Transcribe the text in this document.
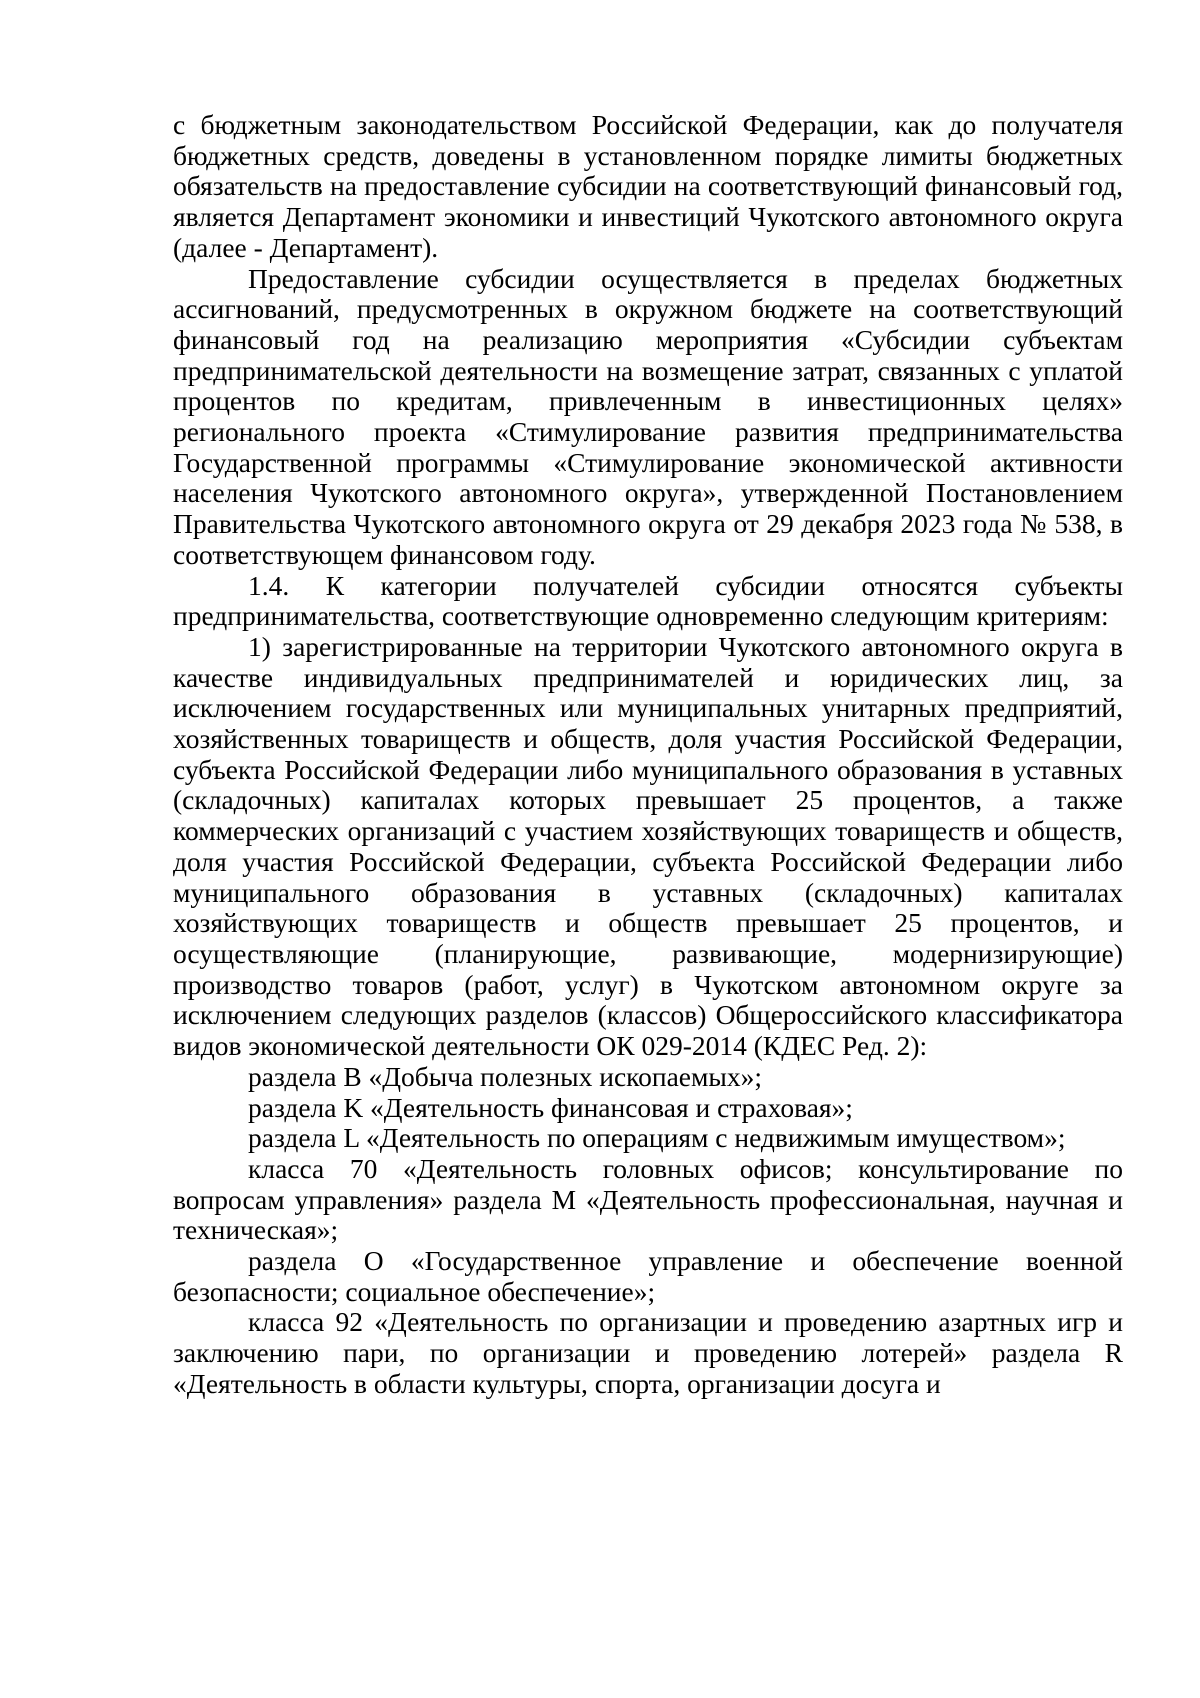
с бюджетным законодательством Российской Федерации, как до получателя бюджетных средств, доведены в установленном порядке лимиты бюджетных обязательств на предоставление субсидии на соответствующий финансовый год, является Департамент экономики и инвестиций Чукотского автономного округа (далее - Департамент).

Предоставление субсидии осуществляется в пределах бюджетных ассигнований, предусмотренных в окружном бюджете на соответствующий финансовый год на реализацию мероприятия «Субсидии субъектам предпринимательской деятельности на возмещение затрат, связанных с уплатой процентов по кредитам, привлеченным в инвестиционных целях» регионального проекта «Стимулирование развития предпринимательства Государственной программы «Стимулирование экономической активности населения Чукотского автономного округа», утвержденной Постановлением Правительства Чукотского автономного округа от 29 декабря 2023 года № 538, в соответствующем финансовом году.

1.4. К категории получателей субсидии относятся субъекты предпринимательства, соответствующие одновременно следующим критериям:

1) зарегистрированные на территории Чукотского автономного округа в качестве индивидуальных предпринимателей и юридических лиц, за исключением государственных или муниципальных унитарных предприятий, хозяйственных товариществ и обществ, доля участия Российской Федерации, субъекта Российской Федерации либо муниципального образования в уставных (складочных) капиталах которых превышает 25 процентов, а также коммерческих организаций с участием хозяйствующих товариществ и обществ, доля участия Российской Федерации, субъекта Российской Федерации либо муниципального образования в уставных (складочных) капиталах хозяйствующих товариществ и обществ превышает 25 процентов, и осуществляющие (планирующие, развивающие, модернизирующие) производство товаров (работ, услуг) в Чукотском автономном округе за исключением следующих разделов (классов) Общероссийского классификатора видов экономической деятельности ОК 029-2014 (КДЕС Ред. 2):

раздела B «Добыча полезных ископаемых»;

раздела K «Деятельность финансовая и страховая»;

раздела L «Деятельность по операциям с недвижимым имуществом»;

класса 70 «Деятельность головных офисов; консультирование по вопросам управления» раздела M «Деятельность профессиональная, научная и техническая»;

раздела O «Государственное управление и обеспечение военной безопасности; социальное обеспечение»;

класса 92 «Деятельность по организации и проведению азартных игр и заключению пари, по организации и проведению лотерей» раздела R «Деятельность в области культуры, спорта, организации досуга и
